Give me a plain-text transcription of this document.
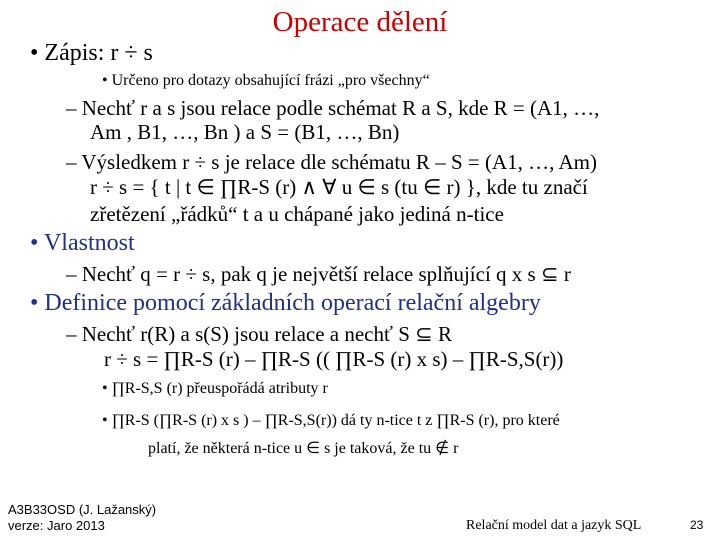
Operace dělení
• Zápis: r ÷ s
• Určeno pro dotazy obsahující frázi „pro všechny“
– Nechť r a s jsou relace podle schémat R a S, kde R = (A1, …,
Am , B1, …, Bn ) a S = (B1, …, Bn)
– Výsledkem r ÷ s je relace dle schématu R – S = (A1, …, Am)
r ÷ s = { t | t ∈ ∏R-S (r) ∧ ∀ u ∈ s (tu ∈ r) }, kde tu značí
zřetězení „řádků“ t a u chápané jako jediná n-tice
• Vlastnost
– Nechť q = r ÷ s, pak q je největší relace splňující q x s ⊆ r
• Definice pomocí základních operací relační algebry
– Nechť r(R) a s(S) jsou relace a nechť S ⊆ R
r ÷ s = ∏R-S (r) – ∏R-S (( ∏R-S (r) x s) – ∏R-S,S(r))
• ∏R-S,S (r) přeuspořádá atributy r
• ∏R-S (∏R-S (r) x s ) – ∏R-S,S(r)) dá ty n-tice t z ∏R-S (r), pro které
platí, že některá n-tice u ∈ s je taková, že tu ∉ r
A3B33OSD (J. Lažanský)
verze: Jaro 2013	Relační model dat a jazyk SQL	23
